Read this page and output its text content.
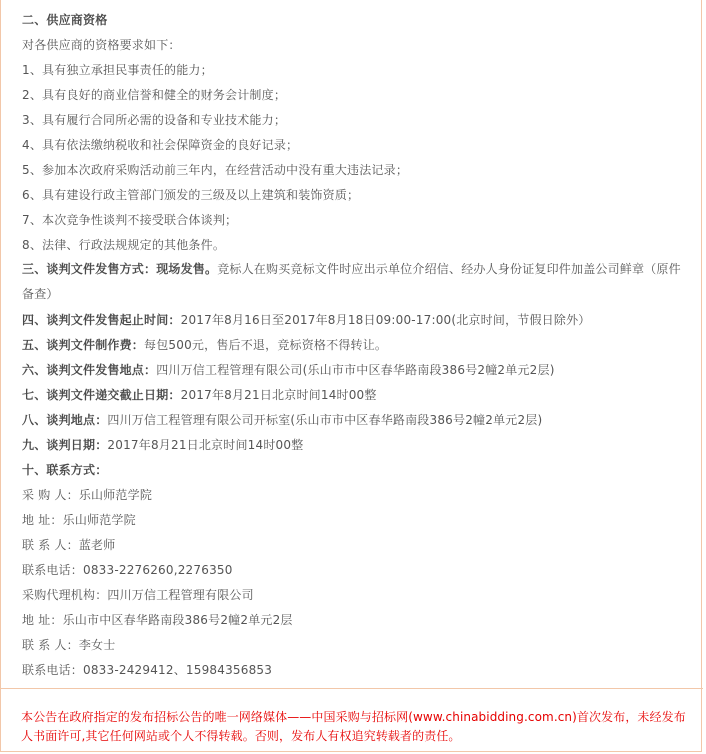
二、供应商资格
对各供应商的资格要求如下：
1、具有独立承担民事责任的能力；
2、具有良好的商业信誉和健全的财务会计制度；
3、具有履行合同所必需的设备和专业技术能力；
4、具有依法缴纳税收和社会保障资金的良好记录；
5、参加本次政府采购活动前三年内，在经营活动中没有重大违法记录；
6、具有建设行政主管部门颁发的三级及以上建筑和装饰资质；
7、本次竞争性谈判不接受联合体谈判；
8、法律、行政法规规定的其他条件。
三、谈判文件发售方式：现场发售。竞标人在购买竞标文件时应出示单位介绍信、经办人身份证复印件加盖公司鲜章（原件备查）
四、谈判文件发售起止时间：2017年8月16日至2017年8月18日09:00-17:00(北京时间，节假日除外）
五、谈判文件制作费：每包500元，售后不退，竞标资格不得转让。
六、谈判文件发售地点：四川万信工程管理有限公司(乐山市市中区春华路南段386号2幢2单元2层)
七、谈判文件递交截止日期：2017年8月21日北京时间14时00整
八、谈判地点：四川万信工程管理有限公司开标室(乐山市市中区春华路南段386号2幢2单元2层)
九、谈判日期：2017年8月21日北京时间14时00整
十、联系方式：
采 购 人：乐山师范学院
地 址：乐山师范学院
联 系 人：蓝老师
联系电话：0833-2276260,2276350
采购代理机构：四川万信工程管理有限公司
地 址：乐山市中区春华路南段386号2幢2单元2层
联 系 人：李女士
联系电话：0833-2429412、15984356853
本公告在政府指定的发布招标公告的唯一网络媒体——中国采购与招标网(www.chinabidding.com.cn)首次发布，未经发布人书面许可,其它任何网站或个人不得转载。否则，发布人有权追究转载者的责任。
